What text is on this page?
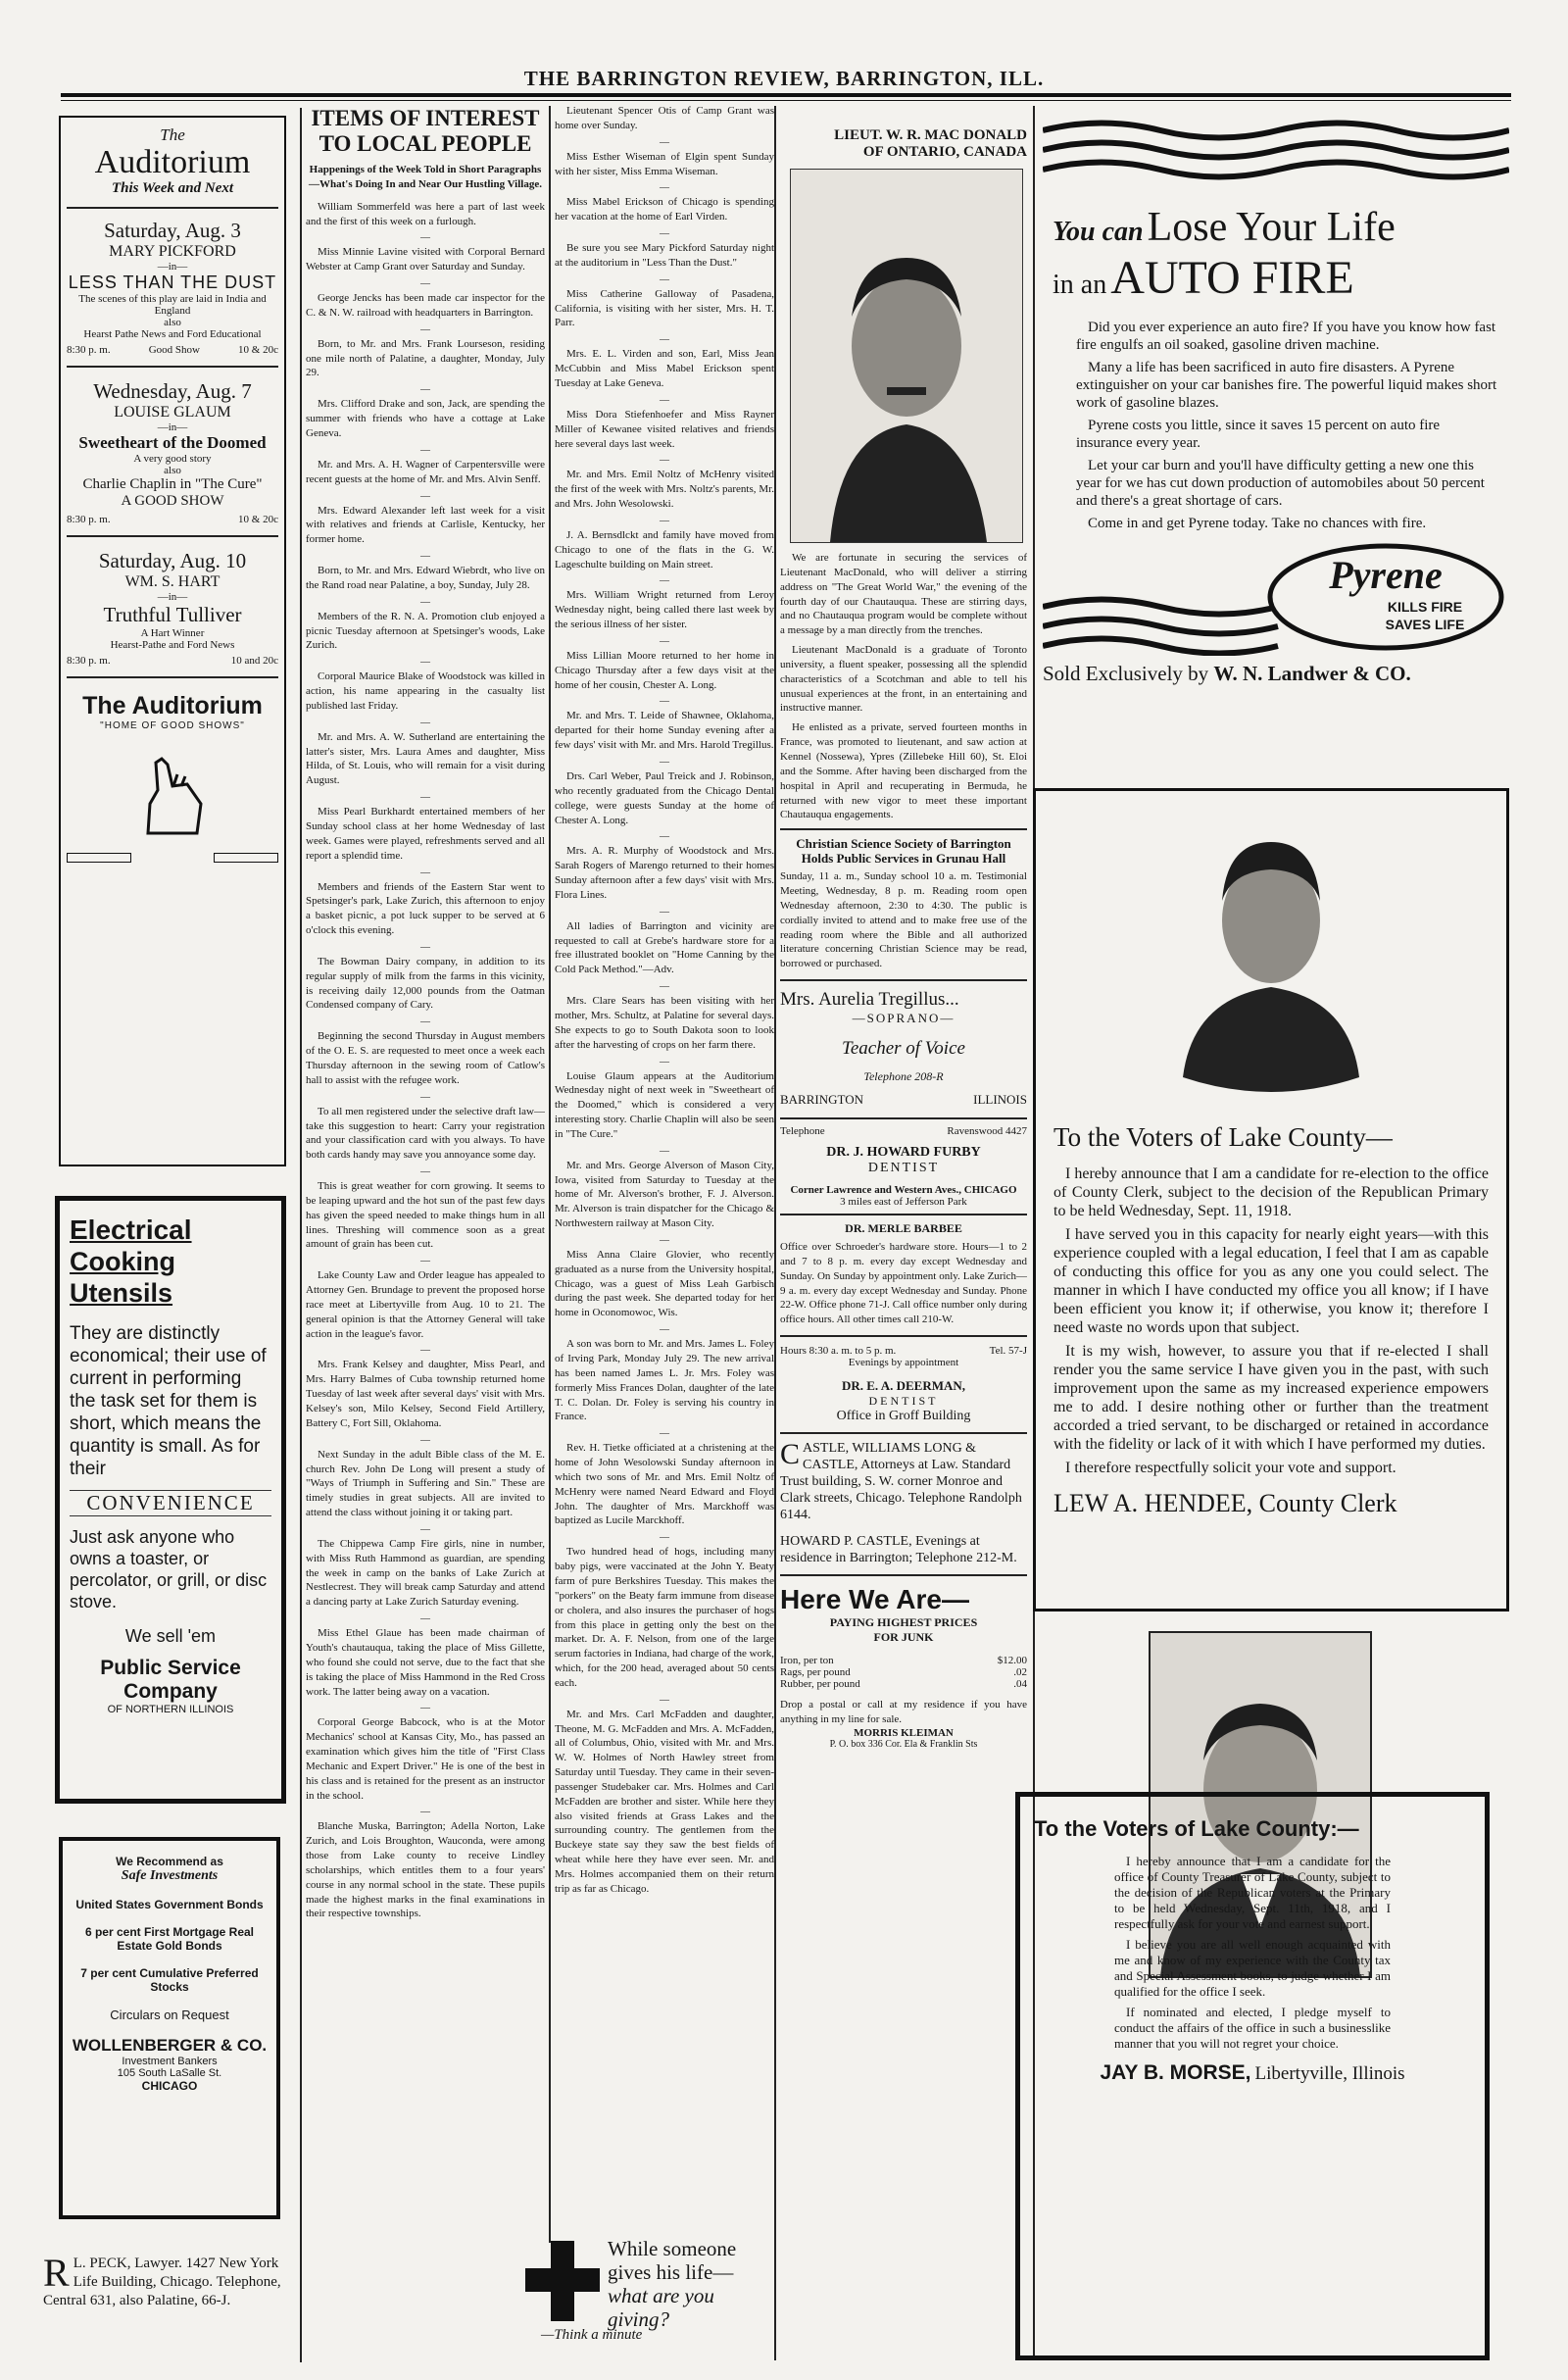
THE BARRINGTON REVIEW, BARRINGTON, ILL.
The
Auditorium
This Week and Next
Saturday, Aug. 3
MARY PICKFORD
—in—
LESS THAN THE DUST
The scenes of this play are laid in India and England
also
Hearst Pathe News and Ford Educational
8:30 p. m.	Good Show	10 & 20c
Wednesday, Aug. 7
LOUISE GLAUM
—in—
Sweetheart of the Doomed
A very good story
also
Charlie Chaplin in "The Cure"
A GOOD SHOW
8:30 p. m.	10 & 20c
Saturday, Aug. 10
WM. S. HART
—in—
Truthful Tulliver
A Hart Winner
Hearst-Pathe and Ford News
8:30 p. m.	10 and 20c
The Auditorium
"HOME OF GOOD SHOWS"
Electrical
Cooking Utensils
They are distinctly economical; their use of current in performing the task set for them is short, which means the quantity is small. As for their
CONVENIENCE
Just ask anyone who owns a toaster, or percolator, or grill, or disc stove.
We sell 'em
Public Service
Company
OF NORTHERN ILLINOIS
We Recommend as
Safe Investments
United States Government Bonds
6 per cent First Mortgage Real Estate Gold Bonds
7 per cent Cumulative Preferred Stocks
Circulars on Request
WOLLENBERGER & CO.
Investment Bankers
105 South LaSalle St.
CHICAGO
R L. PECK, Lawyer. 1427 New York Life Building, Chicago. Telephone, Central 631, also Palatine, 66-J.
ITEMS OF INTEREST
TO LOCAL PEOPLE
Happenings of the Week Told in Short Paragraphs—What's Doing In and Near Our Hustling Village.

William Sommerfeld was here a part of last week and the first of this week on a furlough.

—

Miss Minnie Lavine visited with Corporal Bernard Webster at Camp Grant over Saturday and Sunday.

—

George Jencks has been made car inspector for the C. & N. W. railroad with headquarters in Barrington.

—

Born, to Mr. and Mrs. Frank Lourseson, residing one mile north of Palatine, a daughter, Monday, July 29.

—

Mrs. Clifford Drake and son, Jack, are spending the summer with friends who have a cottage at Lake Geneva.

—

Mr. and Mrs. A. H. Wagner of Carpentersville were recent guests at the home of Mr. and Mrs. Alvin Senff.

—

Mrs. Edward Alexander left last week for a visit with relatives and friends at Carlisle, Kentucky, her former home.

—

Born, to Mr. and Mrs. Edward Wiebrdt, who live on the Rand road near Palatine, a boy, Sunday, July 28.

—

Members of the R. N. A. Promotion club enjoyed a picnic Tuesday afternoon at Spetsinger's woods, Lake Zurich.

—

Corporal Maurice Blake of Woodstock was killed in action, his name appearing in the casualty list published last Friday.

—

Mr. and Mrs. A. W. Sutherland are entertaining the latter's sister, Mrs. Laura Ames and daughter, Miss Hilda, of St. Louis, who will remain for a visit during August.

—

Miss Pearl Burkhardt entertained members of her Sunday school class at her home Wednesday of last week. Games were played, refreshments served and all report a splendid time.

—

Members and friends of the Eastern Star went to Spetsinger's park, Lake Zurich, this afternoon to enjoy a basket picnic, a pot luck supper to be served at 6 o'clock this evening.

—

The Bowman Dairy company, in addition to its regular supply of milk from the farms in this vicinity, is receiving daily 12,000 pounds from the Oatman Condensed company of Cary.

—

Beginning the second Thursday in August members of the O. E. S. are requested to meet once a week each Thursday afternoon in the sewing room of Catlow's hall to assist with the refugee work.

—

To all men registered under the selective draft law—take this suggestion to heart: Carry your registration and your classification card with you always. To have both cards handy may save you annoyance some day.

—

This is great weather for corn growing. It seems to be leaping upward and the hot sun of the past few days has given the speed needed to make things hum in all lines. Threshing will commence soon as a great amount of grain has been cut.

—

Lake County Law and Order league has appealed to Attorney Gen. Brundage to prevent the proposed horse race meet at Libertyville from Aug. 10 to 21. The general opinion is that the Attorney General will take action in the league's favor.

—

Mrs. Frank Kelsey and daughter, Miss Pearl, and Mrs. Harry Balmes of Cuba township returned home Tuesday of last week after several days' visit with Mrs. Kelsey's son, Milo Kelsey, Second Field Artillery, Battery C, Fort Sill, Oklahoma.

—

Next Sunday in the adult Bible class of the M. E. church Rev. John De Long will present a study of "Ways of Triumph in Suffering and Sin." These are timely studies in great subjects. All are invited to attend the class without joining it or taking part.

—

The Chippewa Camp Fire girls, nine in number, with Miss Ruth Hammond as guardian, are spending the week in camp on the banks of Lake Zurich at Nestlecrest. They will break camp Saturday and attend a dancing party at Lake Zurich Saturday evening.

—

Miss Ethel Glaue has been made chairman of Youth's chautauqua, taking the place of Miss Gillette, who found she could not serve, due to the fact that she is taking the place of Miss Hammond in the Red Cross work. The latter being away on a vacation.

—

Corporal George Babcock, who is at the Motor Mechanics' school at Kansas City, Mo., has passed an examination which gives him the title of "First Class Mechanic and Expert Driver." He is one of the best in his class and is retained for the present as an instructor in the school.

—

Blanche Muska, Barrington; Adella Norton, Lake Zurich, and Lois Broughton, Wauconda, were among those from Lake county to receive Lindley scholarships, which entitles them to a four years' course in any normal school in the state. These pupils made the highest marks in the final examinations in their respective townships.

Lieutenant Spencer Otis of Camp Grant was home over Sunday.

—

Miss Esther Wiseman of Elgin spent Sunday with her sister, Miss Emma Wiseman.

—

Miss Mabel Erickson of Chicago is spending her vacation at the home of Earl Virden.

—

Be sure you see Mary Pickford Saturday night at the auditorium in "Less Than the Dust."

—

Miss Catherine Galloway of Pasadena, California, is visiting with her sister, Mrs. H. T. Parr.

—

Mrs. E. L. Virden and son, Earl, Miss Jean McCubbin and Miss Mabel Erickson spent Tuesday at Lake Geneva.

—

Miss Dora Stiefenhoefer and Miss Rayner Miller of Kewanee visited relatives and friends here several days last week.

—

Mr. and Mrs. Emil Noltz of McHenry visited the first of the week with Mrs. Noltz's parents, Mr. and Mrs. John Wesolowski.

—

J. A. Bernsdlckt and family have moved from Chicago to one of the flats in the G. W. Lageschulte building on Main street.

—

Mrs. William Wright returned from Leroy Wednesday night, being called there last week by the serious illness of her sister.

—

Miss Lillian Moore returned to her home in Chicago Thursday after a few days visit at the home of her cousin, Chester A. Long.

—

Mr. and Mrs. T. Leide of Shawnee, Oklahoma, departed for their home Sunday evening after a few days' visit with Mr. and Mrs. Harold Tregillus.

—

Drs. Carl Weber, Paul Treick and J. Robinson, who recently graduated from the Chicago Dental college, were guests Sunday at the home of Chester A. Long.

—

Mrs. A. R. Murphy of Woodstock and Mrs. Sarah Rogers of Marengo returned to their homes Sunday afternoon after a few days' visit with Mrs. Flora Lines.

—

All ladies of Barrington and vicinity are requested to call at Grebe's hardware store for a free illustrated booklet on "Home Canning by the Cold Pack Method."—Adv.

—

Mrs. Clare Sears has been visiting with her mother, Mrs. Schultz, at Palatine for several days. She expects to go to South Dakota soon to look after the harvesting of crops on her farm there.

—

Louise Glaum appears at the Auditorium Wednesday night of next week in "Sweetheart of the Doomed," which is considered a very interesting story. Charlie Chaplin will also be seen in "The Cure."

—

Mr. and Mrs. George Alverson of Mason City, Iowa, visited from Saturday to Tuesday at the home of Mr. Alverson's brother, F. J. Alverson. Mr. Alverson is train dispatcher for the Chicago & Northwestern railway at Mason City.

—

Miss Anna Claire Glovier, who recently graduated as a nurse from the University hospital, Chicago, was a guest of Miss Leah Garbisch during the past week. She departed today for her home in Oconomowoc, Wis.

—

A son was born to Mr. and Mrs. James L. Foley of Irving Park, Monday July 29. The new arrival has been named James L. Jr. Mrs. Foley was formerly Miss Frances Dolan, daughter of the late T. C. Dolan. Dr. Foley is serving his country in France.

—

Rev. H. Tietke officiated at a christening at the home of John Wesolowski Sunday afternoon in which two sons of Mr. and Mrs. Emil Noltz of McHenry were named Neard Edward and Floyd John. The daughter of Mrs. Marckhoff was baptized as Lucile Marckhoff.

—

Two hundred head of hogs, including many baby pigs, were vaccinated at the John Y. Beaty farm of pure Berkshires Tuesday. This makes the "porkers" on the Beaty farm immune from disease or cholera, and also insures the purchaser of hogs from this place in getting only the best on the market. Dr. A. F. Nelson, from one of the large serum factories in Indiana, had charge of the work, which, for the 200 head, averaged about 50 cents each.

—

Mr. and Mrs. Carl McFadden and daughter, Theone, M. G. McFadden and Mrs. A. McFadden, all of Columbus, Ohio, visited with Mr. and Mrs. W. W. Holmes of North Hawley street from Saturday until Tuesday. They came in their seven-passenger Studebaker car. Mrs. Holmes and Carl McFadden are brother and sister. While here they also visited friends at Grass Lakes and the surrounding country. The gentlemen from the Buckeye state say they saw the best fields of wheat while here they have ever seen. Mr. and Mrs. Holmes accompanied them on their return trip as far as Chicago.

While someone gives his life— what are you giving?
—Think a minute
LIEUT. W. R. MAC DONALD
OF ONTARIO, CANADA

We are fortunate in securing the services of Lieutenant MacDonald, who will deliver a stirring address on "The Great World War," the evening of the fourth day of our Chautauqua. These are stirring days, and no Chautauqua program would be complete without a message by a man directly from the trenches.

Lieutenant MacDonald is a graduate of Toronto university, a fluent speaker, possessing all the splendid characteristics of a Scotchman and able to tell his unusual experiences at the front, in an entertaining and instructive manner.

He enlisted as a private, served fourteen months in France, was promoted to lieutenant, and saw action at Kennel (Nossewa), Ypres (Zillebeke Hill 60), St. Eloi and the Somme. After having been discharged from the hospital in April and recuperating in Bermuda, he returned with new vigor to meet these important Chautauqua engagements.

Christian Science Society of Barrington Holds Public Services in Grunau Hall
Sunday, 11 a. m., Sunday school 10 a. m. Testimonial Meeting, Wednesday, 8 p. m. Reading room open Wednesday afternoon, 2:30 to 4:30. The public is cordially invited to attend and to make free use of the reading room where the Bible and all authorized literature concerning Christian Science may be read, borrowed or purchased.
Mrs. Aurelia Tregillus...
—SOPRANO—
Teacher of Voice
Telephone 208-R
BARRINGTON	ILLINOIS
Telephone	Ravenswood 4427
DR. J. HOWARD FURBY
DENTIST
Corner Lawrence and Western Aves., CHICAGO
3 miles east of Jefferson Park
DR. MERLE BARBEE
Office over Schroeder's hardware store. Hours—1 to 2 and 7 to 8 p. m. every day except Wednesday and Sunday. On Sunday by appointment only. Lake Zurich—9 a. m. every day except Wednesday and Sunday. Phone 22-W. Office phone 71-J. Call office number only during office hours. All other times call 210-W.
Hours 8:30 a. m. to 5 p. m.	Tel. 57-J
Evenings by appointment
DR. E. A. DEERMAN,
DENTIST
Office in Groff Building
C ASTLE, WILLIAMS LONG & CASTLE, Attorneys at Law. Standard Trust building, S. W. corner Monroe and Clark streets, Chicago. Telephone Randolph 6144.
HOWARD P. CASTLE, Evenings at residence in Barrington; Telephone 212-M.
Here We Are—
PAYING HIGHEST PRICES
FOR JUNK
Iron, per ton	$12.00
Rags, per pound	.02
Rubber, per pound	.04
Drop a postal or call at my residence if you have anything in my line for sale.
MORRIS KLEIMAN
P. O. box 336 Cor. Ela & Franklin Sts
You can Lose Your Life
in an AUTO FIRE

Did you ever experience an auto fire? If you have you know how fast fire engulfs an oil soaked, gasoline driven machine.

Many a life has been sacrificed in auto fire disasters. A Pyrene extinguisher on your car banishes fire. The powerful liquid makes short work of gasoline blazes.

Pyrene costs you little, since it saves 15 percent on auto fire insurance every year.

Let your car burn and you'll have difficulty getting a new one this year for we has cut down production of automobiles about 50 percent and there's a great shortage of cars.

Come in and get Pyrene today. Take no chances with fire.

Pyrene
KILLS FIRE
SAVES LIFE
Sold Exclusively by W. N. Landwer & CO.
To the Voters of Lake County—

I hereby announce that I am a candidate for re-election to the office of County Clerk, subject to the decision of the Republican Primary to be held Wednesday, Sept. 11, 1918.

I have served you in this capacity for nearly eight years—with this experience coupled with a legal education, I feel that I am as capable of conducting this office for you as any one you could select. The manner in which I have conducted my office you all know; if I have been efficient you know it; if otherwise, you know it; therefore I need waste no words upon that subject.

It is my wish, however, to assure you that if re-elected I shall render you the same service I have given you in the past, with such improvement upon the same as my increased experience empowers me to add. I desire nothing other or further than the treatment accorded a tried servant, to be discharged or retained in accordance with the fidelity or lack of it with which I have performed my duties.

I therefore respectfully solicit your vote and support.

LEW A. HENDEE, County Clerk
To the Voters of Lake County:—

I hereby announce that I am a candidate for the office of County Treasurer of Lake County, subject to the decision of the Republican voters at the Primary to be held Wednesday, Sept. 11th, 1918, and I respectfully ask for your vote and earnest support.

I believe you are all well enough acquainted with me and know of my experience with the County tax and Special Assessment books, to judge whether I am qualified for the office I seek.

If nominated and elected, I pledge myself to conduct the affairs of the office in such a businesslike manner that you will not regret your choice.

JAY B. MORSE, Libertyville, Illinois
